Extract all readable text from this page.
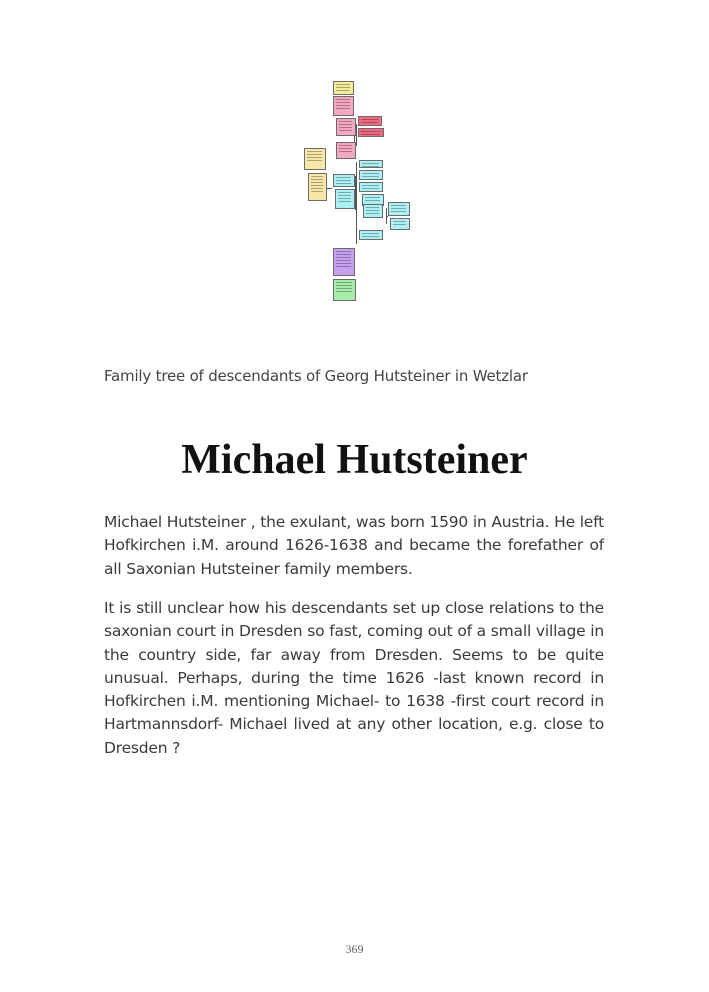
Family tree of descendants of Georg Hutsteiner in Wetzlar
Michael Hutsteiner

Michael Hutsteiner , the exulant, was born 1590 in Austria. He left Hofkirchen i.M. around 1626-1638 and became the forefather of all Saxonian Hutsteiner family members.

It is still unclear how his descendants set up close relations to the saxonian court in Dresden so fast, coming out of a small village in the country side, far away from Dresden. Seems to be quite unusual. Perhaps, during the time 1626 -last known record in Hofkirchen i.M. mentioning Michael- to 1638 -first court record in Hartmannsdorf- Michael lived at any other location, e.g. close to Dresden ?

369
